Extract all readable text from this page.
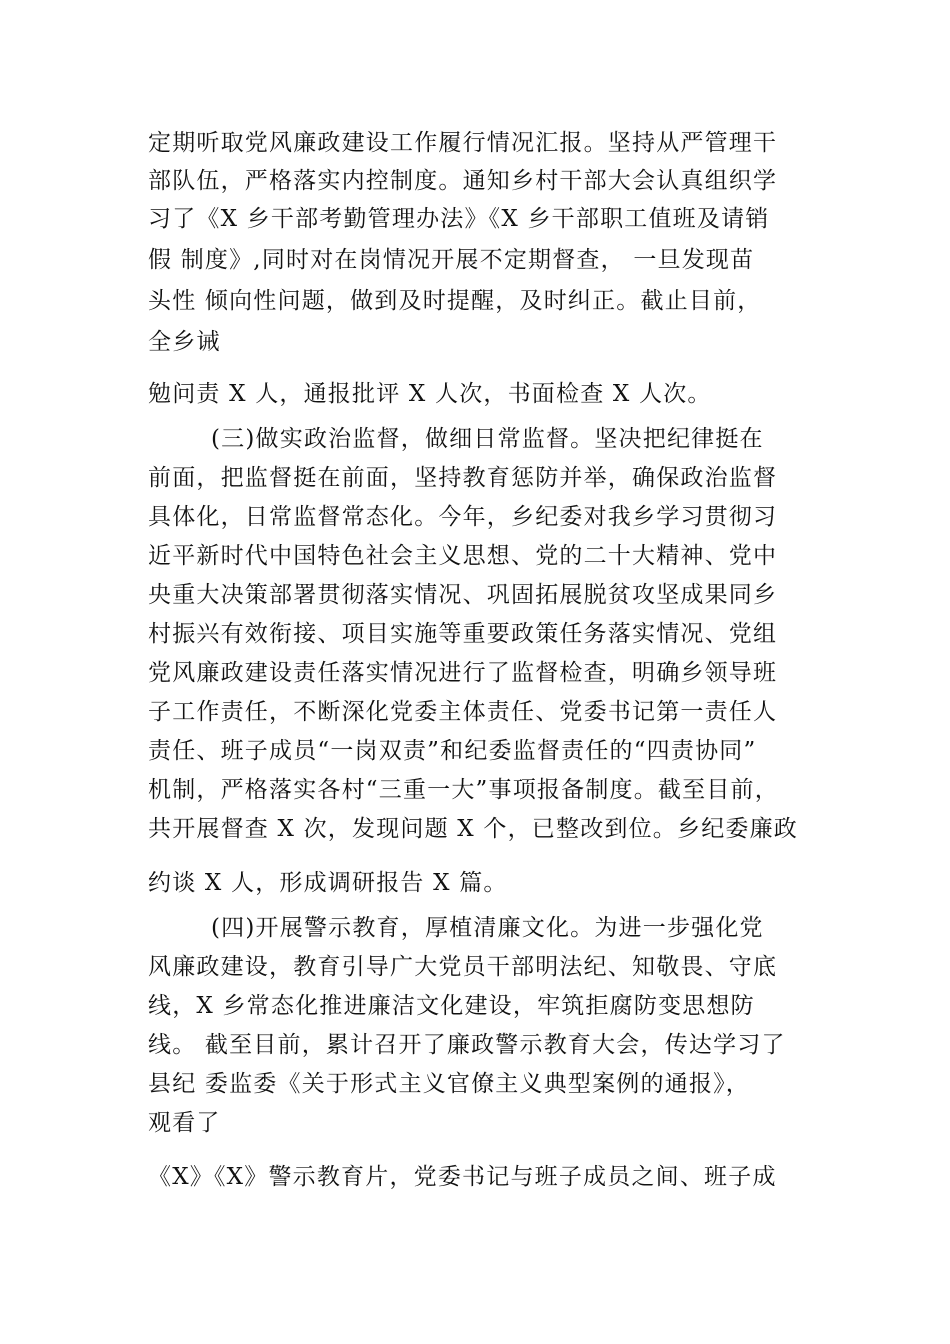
定期听取党风廉政建设工作履行情况汇报。坚持从严管理干
部队伍，严格落实内控制度。通知乡村干部大会认真组织学
习了《X 乡干部考勤管理办法》《X 乡干部职工值班及请销
假 制度》,同时对在岗情况开展不定期督查， 一旦发现苗
头性 倾向性问题，做到及时提醒，及时纠正。截止目前，
全乡诫
勉问责 X 人，通报批评 X 人次，书面检查 X 人次。
(三)做实政治监督，做细日常监督。坚决把纪律挺在
前面，把监督挺在前面，坚持教育惩防并举，确保政治监督
具体化，日常监督常态化。今年，乡纪委对我乡学习贯彻习
近平新时代中国特色社会主义思想、党的二十大精神、党中
央重大决策部署贯彻落实情况、巩固拓展脱贫攻坚成果同乡
村振兴有效衔接、项目实施等重要政策任务落实情况、党组
党风廉政建设责任落实情况进行了监督检查，明确乡领导班
子工作责任，不断深化党委主体责任、党委书记第一责任人
责任、班子成员“一岗双责”和纪委监督责任的“四责协同”
机制，严格落实各村“三重一大”事项报备制度。截至目前，
共开展督查 X 次，发现问题 X 个，已整改到位。乡纪委廉政
约谈 X 人，形成调研报告 X 篇。
(四)开展警示教育，厚植清廉文化。为进一步强化党
风廉政建设，教育引导广大党员干部明法纪、知敬畏、守底
线，X 乡常态化推进廉洁文化建设，牢筑拒腐防变思想防
线。 截至目前，累计召开了廉政警示教育大会，传达学习了
县纪 委监委《关于形式主义官僚主义典型案例的通报》，
观看了
《X》《X》警示教育片，党委书记与班子成员之间、班子成
